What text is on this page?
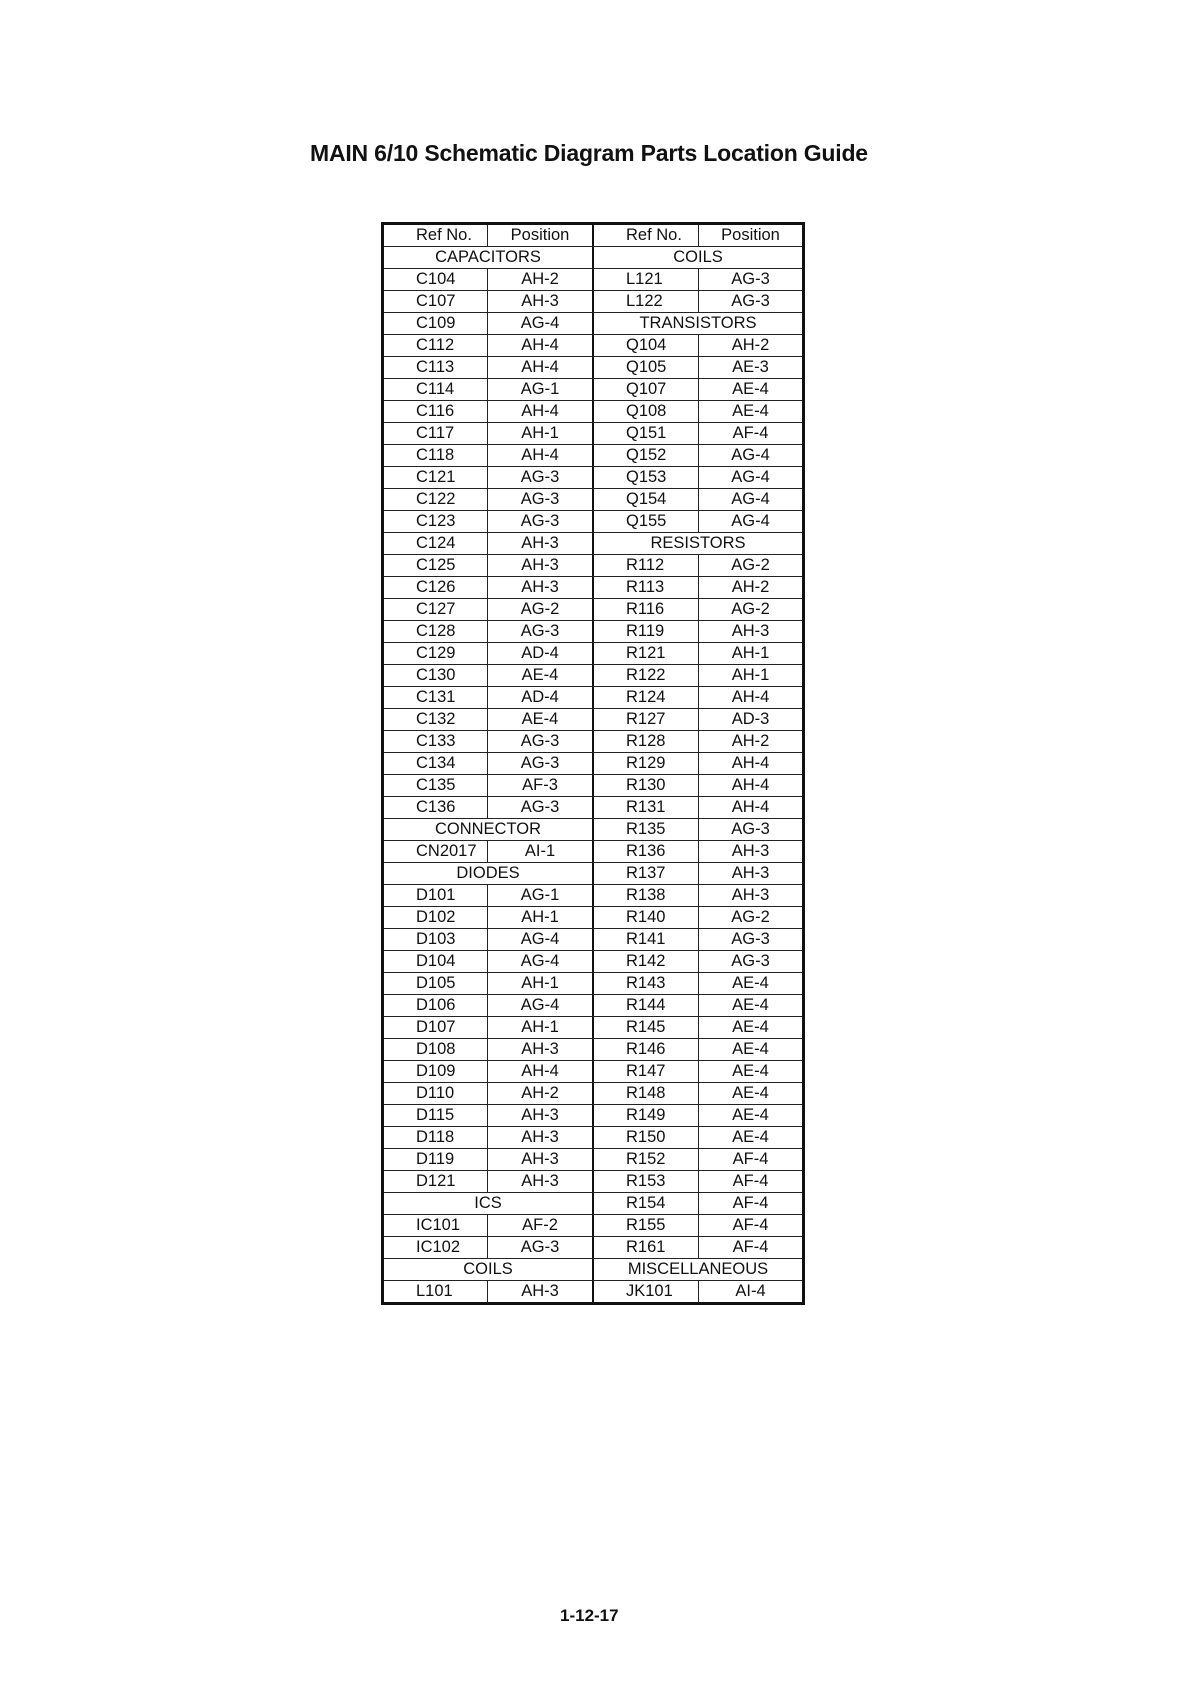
MAIN 6/10 Schematic Diagram Parts Location Guide
Ref No.	Position
CAPACITORS	
C104	AH-2
C107	AH-3
C109	AG-4
C112	AH-4
C113	AH-4
C114	AG-1
C116	AH-4
C117	AH-1
C118	AH-4
C121	AG-3
C122	AG-3
C123	AG-3
C124	AH-3
C125	AH-3
C126	AH-3
C127	AG-2
C128	AG-3
C129	AD-4
C130	AE-4
C131	AD-4
C132	AE-4
C133	AG-3
C134	AG-3
C135	AF-3
C136	AG-3
CONNECTOR	
CN2017	AI-1
DIODES	
D101	AG-1
D102	AH-1
D103	AG-4
D104	AG-4
D105	AH-1
D106	AG-4
D107	AH-1
D108	AH-3
D109	AH-4
D110	AH-2
D115	AH-3
D118	AH-3
D119	AH-3
D121	AH-3
ICS	
IC101	AF-2
IC102	AG-3
COILS	
L101	AH-3
Ref No.	Position
COILS	
L121	AG-3
L122	AG-3
TRANSISTORS	
Q104	AH-2
Q105	AE-3
Q107	AE-4
Q108	AE-4
Q151	AF-4
Q152	AG-4
Q153	AG-4
Q154	AG-4
Q155	AG-4
RESISTORS	
R112	AG-2
R113	AH-2
R116	AG-2
R119	AH-3
R121	AH-1
R122	AH-1
R124	AH-4
R127	AD-3
R128	AH-2
R129	AH-4
R130	AH-4
R131	AH-4
R135	AG-3
R136	AH-3
R137	AH-3
R138	AH-3
R140	AG-2
R141	AG-3
R142	AG-3
R143	AE-4
R144	AE-4
R145	AE-4
R146	AE-4
R147	AE-4
R148	AE-4
R149	AE-4
R150	AE-4
R152	AF-4
R153	AF-4
R154	AF-4
R155	AF-4
R161	AF-4
MISCELLANEOUS	
JK101	AI-4
1-12-17
